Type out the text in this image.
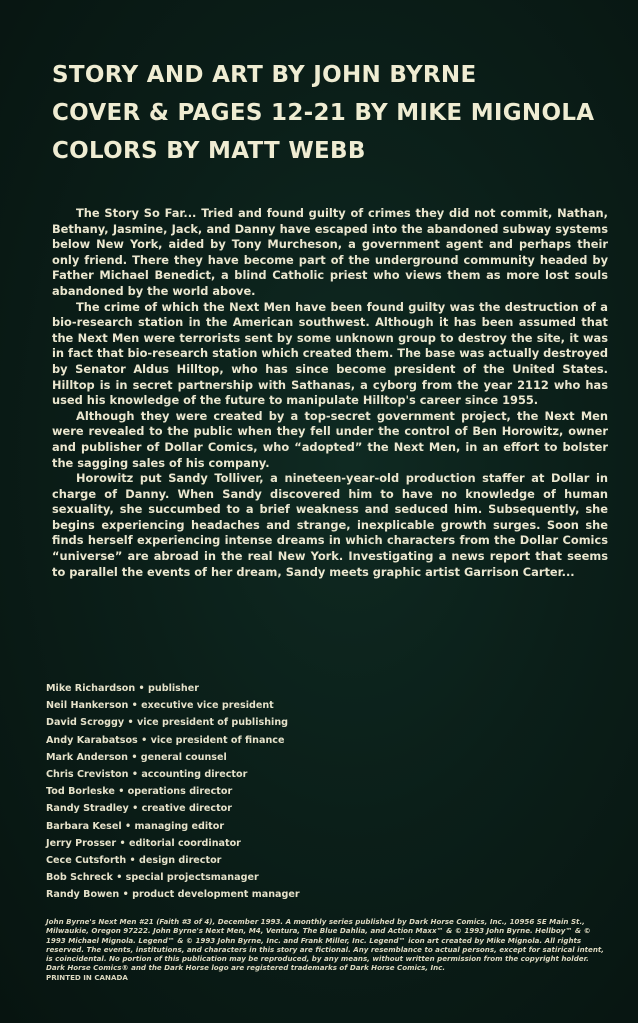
STORY AND ART BY JOHN BYRNE
COVER & PAGES 12-21 BY MIKE MIGNOLA
COLORS BY MATT WEBB

The Story So Far... Tried and found guilty of crimes they did not commit, Nathan, Bethany, Jasmine, Jack, and Danny have escaped into the abandoned subway systems below New York, aided by Tony Murcheson, a government agent and perhaps their only friend. There they have become part of the underground community headed by Father Michael Benedict, a blind Catholic priest who views them as more lost souls abandoned by the world above.

The crime of which the Next Men have been found guilty was the destruction of a bio-research station in the American southwest. Although it has been assumed that the Next Men were terrorists sent by some unknown group to destroy the site, it was in fact that bio-research station which created them. The base was actually destroyed by Senator Aldus Hilltop, who has since become president of the United States. Hilltop is in secret partnership with Sathanas, a cyborg from the year 2112 who has used his knowledge of the future to manipulate Hilltop's career since 1955.

Although they were created by a top-secret government project, the Next Men were revealed to the public when they fell under the control of Ben Horowitz, owner and publisher of Dollar Comics, who “adopted” the Next Men, in an effort to bolster the sagging sales of his company.

Horowitz put Sandy Tolliver, a nineteen-year-old production staffer at Dollar in charge of Danny. When Sandy discovered him to have no knowledge of human sexuality, she succumbed to a brief weakness and seduced him. Subsequently, she begins experiencing headaches and strange, inexplicable growth surges. Soon she finds herself experiencing intense dreams in which characters from the Dollar Comics “universe” are abroad in the real New York. Investigating a news report that seems to parallel the events of her dream, Sandy meets graphic artist Garrison Carter...

Mike Richardson • publisher
Neil Hankerson • executive vice president
David Scroggy • vice president of publishing
Andy Karabatsos • vice president of finance
Mark Anderson • general counsel
Chris Creviston • accounting director
Tod Borleske • operations director
Randy Stradley • creative director
Barbara Kesel • managing editor
Jerry Prosser • editorial coordinator
Cece Cutsforth • design director
Bob Schreck • special projectsmanager
Randy Bowen • product development manager
John Byrne's Next Men #21 (Faith #3 of 4), December 1993. A monthly series published by Dark Horse Comics, Inc., 10956 SE Main St., Milwaukie, Oregon 97222. John Byrne's Next Men, M4, Ventura, The Blue Dahlia, and Action Maxx™ & © 1993 John Byrne. Hellboy™ & © 1993 Michael Mignola. Legend™ & © 1993 John Byrne, Inc. and Frank Miller, Inc. Legend™ icon art created by Mike Mignola. All rights reserved. The events, institutions, and characters in this story are fictional. Any resemblance to actual persons, except for satirical intent, is coincidental. No portion of this publication may be reproduced, by any means, without written permission from the copyright holder. Dark Horse Comics® and the Dark Horse logo are registered trademarks of Dark Horse Comics, Inc.
PRINTED IN CANADA
